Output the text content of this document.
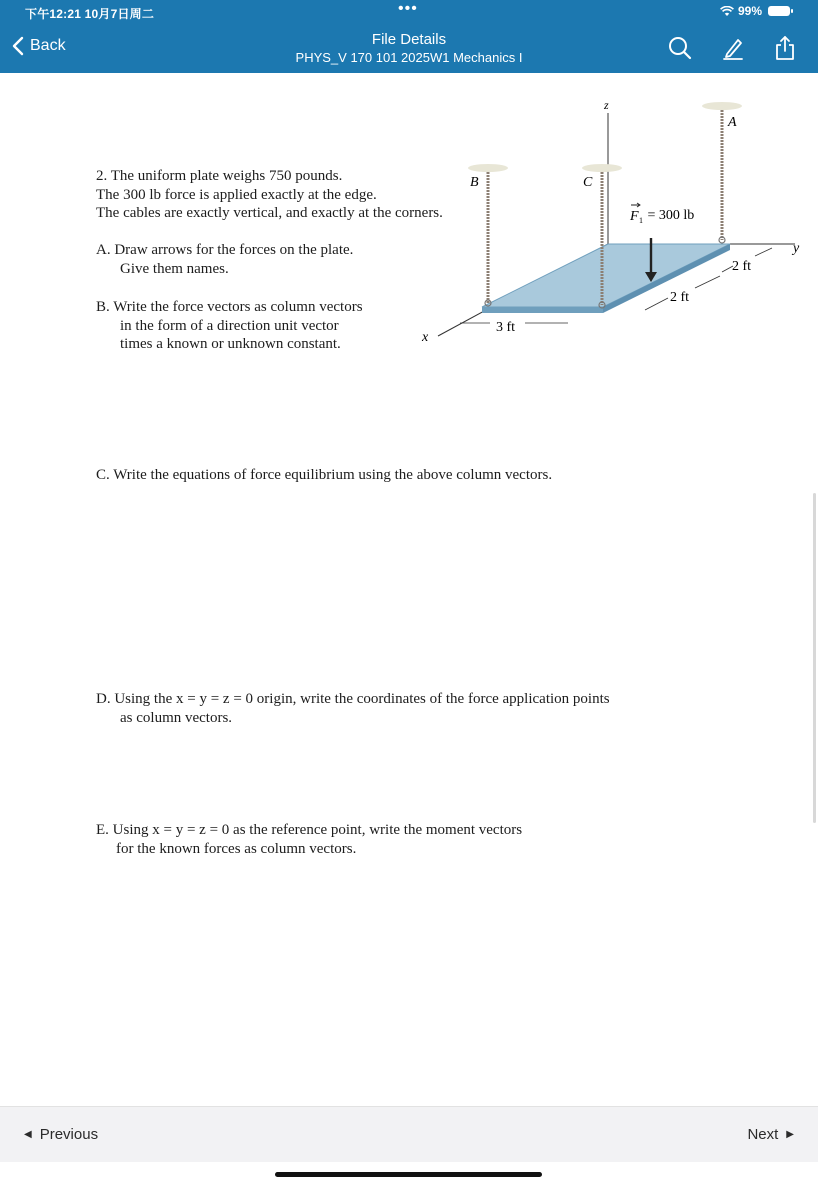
下午12:21 10月7日周二	•••	99%
Back	File Details
PHYS_V 170 101 2025W1 Mechanics I
2. The uniform plate weighs 750 pounds.
The 300 lb force is applied exactly at the edge.
The cables are exactly vertical, and exactly at the corners.
A. Draw arrows for the forces on the plate.
Give them names.
B. Write the force vectors as column vectors
in the form of a direction unit vector
times a known or unknown constant.
C. Write the equations of force equilibrium using the above column vectors.
D. Using the x = y = z = 0 origin, write the coordinates of the force application points
as column vectors.
E. Using x = y = z = 0 as the reference point, write the moment vectors
for the known forces as column vectors.
z
y
x
A
B	C
F 1 = 300 lb
3 ft
2 ft
2 ft
◀ Previous	Next ▶
